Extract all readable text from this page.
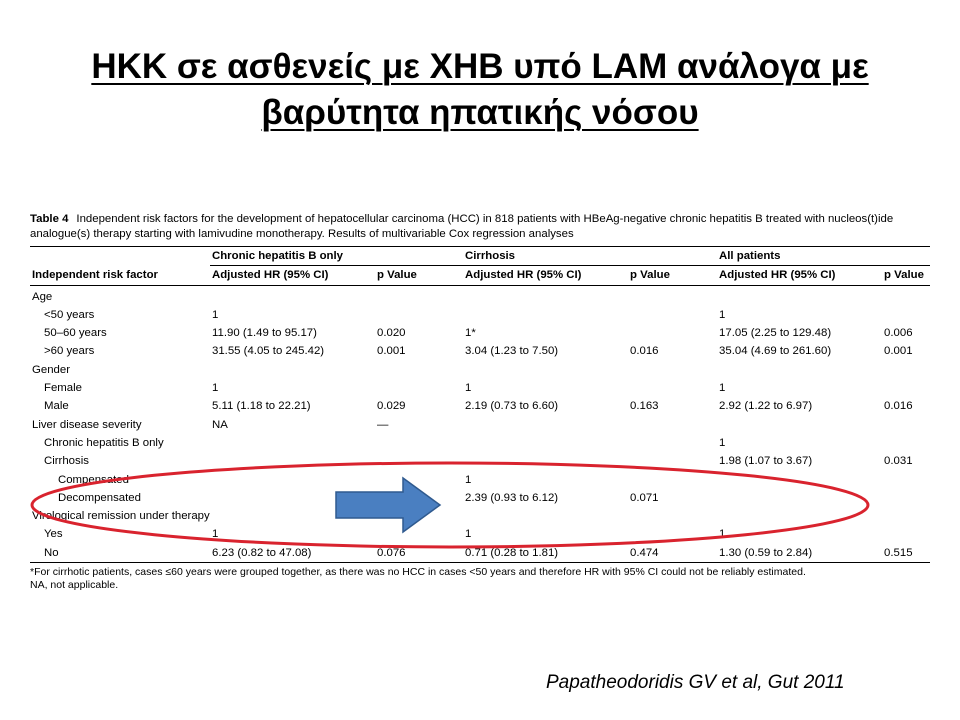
ΗΚΚ σε ασθενείς με ΧΗΒ υπό LAM ανάλογα με
βαρύτητα ηπατικής νόσου
Table 4 Independent risk factors for the development of hepatocellular carcinoma (HCC) in 818 patients with HBeAg-negative chronic hepatitis B treated with nucleos(t)ide analogue(s) therapy starting with lamivudine monotherapy. Results of multivariable Cox regression analyses
	Chronic hepatitis B only		Cirrhosis		All patients	
Independent risk factor	Adjusted HR (95% CI)	p Value	Adjusted HR (95% CI)	p Value	Adjusted HR (95% CI)	p Value
Age						
<50 years	1				1	
50–60 years	11.90 (1.49 to 95.17)	0.020	1*		17.05 (2.25 to 129.48)	0.006
>60 years	31.55 (4.05 to 245.42)	0.001	3.04 (1.23 to 7.50)	0.016	35.04 (4.69 to 261.60)	0.001
Gender						
Female	1		1		1	
Male	5.11 (1.18 to 22.21)	0.029	2.19 (0.73 to 6.60)	0.163	2.92 (1.22 to 6.97)	0.016
Liver disease severity	NA	—				
Chronic hepatitis B only					1	
Cirrhosis					1.98 (1.07 to 3.67)	0.031
Compensated			1			
Decompensated			2.39 (0.93 to 6.12)	0.071		
Virological remission under therapy						
Yes	1		1		1	
No	6.23 (0.82 to 47.08)	0.076	0.71 (0.28 to 1.81)	0.474	1.30 (0.59 to 2.84)	0.515

*For cirrhotic patients, cases ≤60 years were grouped together, as there was no HCC in cases <50 years and therefore HR with 95% CI could not be reliably estimated.

NA, not applicable.

Papatheodoridis GV et al, Gut 2011
